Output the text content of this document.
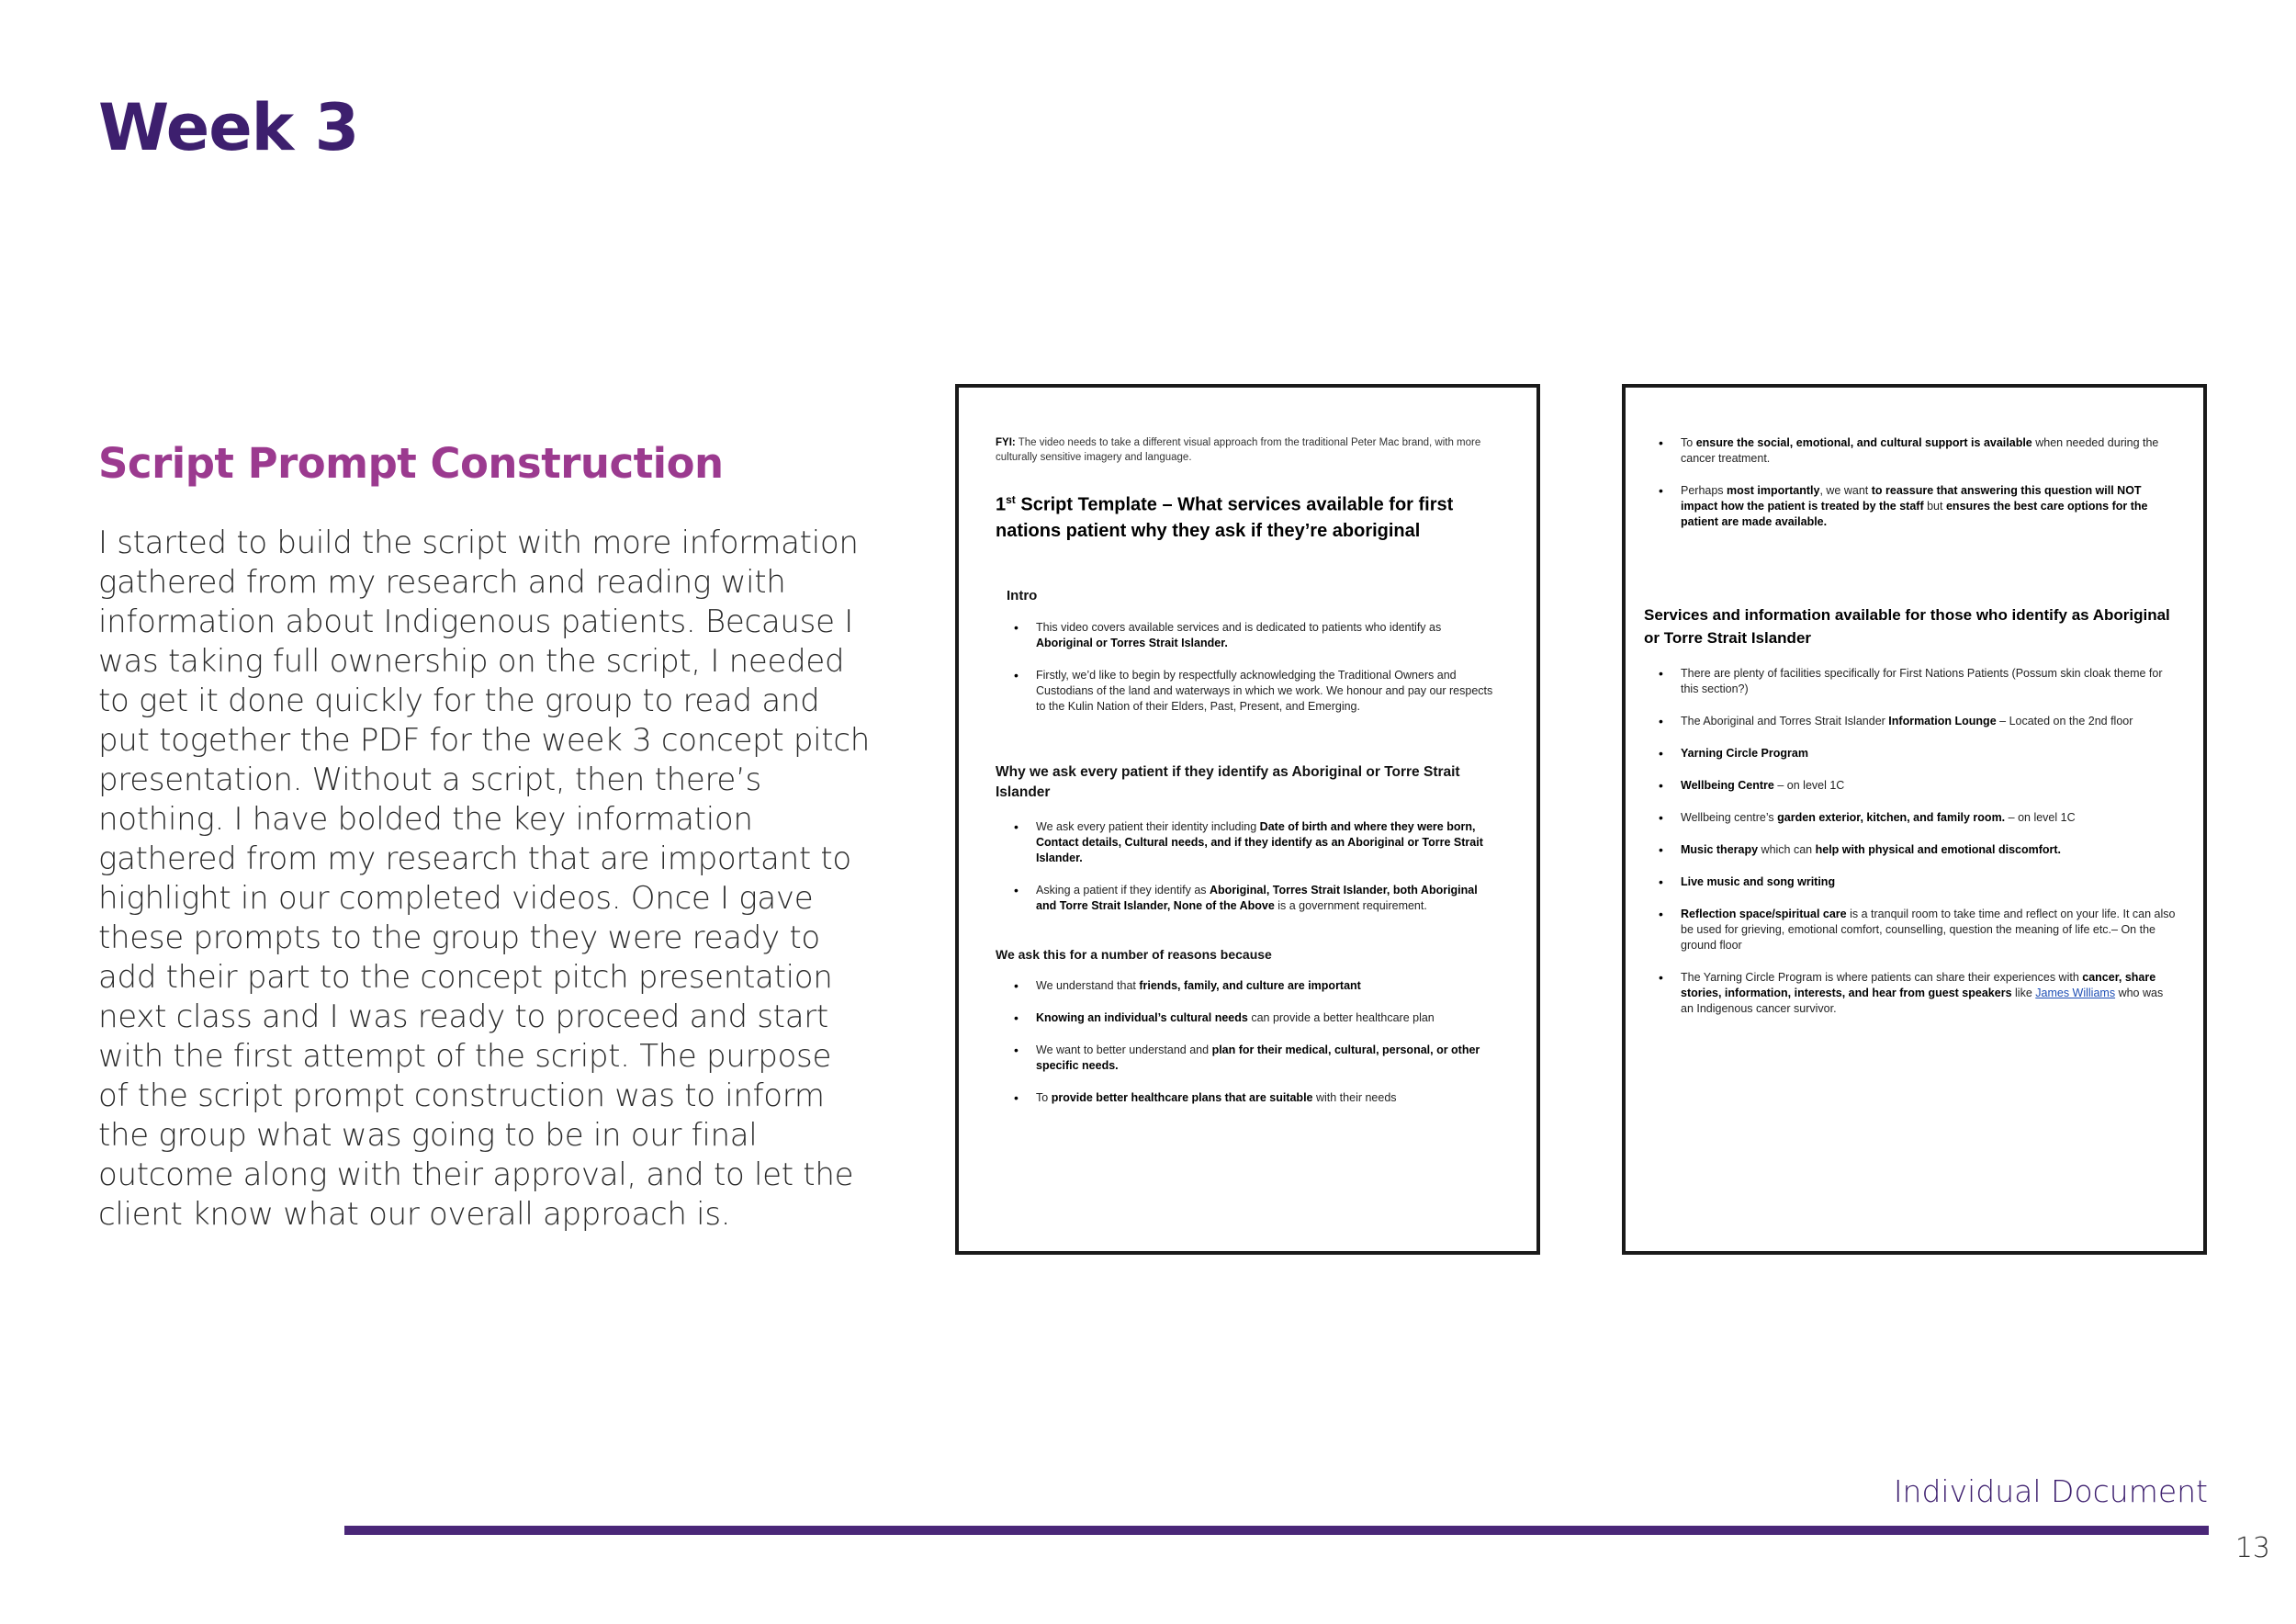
Week 3
Script Prompt Construction
I started to build the script with more information gathered from my research and reading with information about Indigenous patients. Because I was taking full ownership on the script, I needed to get it done quickly for the group to read and put together the PDF for the week 3 concept pitch presentation. Without a script, then there’s nothing. I have bolded the key information gathered from my research that are important to highlight in our completed videos. Once I gave these prompts to the group they were ready to add their part to the concept pitch presentation next class and I was ready to proceed and start with the first attempt of the script. The purpose of the script prompt construction was to inform the group what was going to be in our final outcome along with their approval, and to let the client know what our overall approach is.
FYI: The video needs to take a different visual approach from the traditional Peter Mac brand, with more culturally sensitive imagery and language.
1st Script Template – What services available for first nations patient why they ask if they’re aboriginal
Intro
• This video covers available services and is dedicated to patients who identify as Aboriginal or Torres Strait Islander.
• Firstly, we’d like to begin by respectfully acknowledging the Traditional Owners and Custodians of the land and waterways in which we work. We honour and pay our respects to the Kulin Nation of their Elders, Past, Present, and Emerging.
Why we ask every patient if they identify as Aboriginal or Torre Strait Islander
• We ask every patient their identity including Date of birth and where they were born, Contact details, Cultural needs, and if they identify as an Aboriginal or Torre Strait Islander.
• Asking a patient if they identify as Aboriginal, Torres Strait Islander, both Aboriginal and Torre Strait Islander, None of the Above is a government requirement.
We ask this for a number of reasons because
• We understand that friends, family, and culture are important
• Knowing an individual’s cultural needs can provide a better healthcare plan
• We want to better understand and plan for their medical, cultural, personal, or other specific needs.
• To provide better healthcare plans that are suitable with their needs
• To ensure the social, emotional, and cultural support is available when needed during the cancer treatment.
• Perhaps most importantly, we want to reassure that answering this question will NOT impact how the patient is treated by the staff but ensures the best care options for the patient are made available.
Services and information available for those who identify as Aboriginal or Torre Strait Islander
• There are plenty of facilities specifically for First Nations Patients (Possum skin cloak theme for this section?)
• The Aboriginal and Torres Strait Islander Information Lounge – Located on the 2nd floor
• Yarning Circle Program
• Wellbeing Centre – on level 1C
• Wellbeing centre’s garden exterior, kitchen, and family room. – on level 1C
• Music therapy which can help with physical and emotional discomfort.
• Live music and song writing
• Reflection space/spiritual care is a tranquil room to take time and reflect on your life. It can also be used for grieving, emotional comfort, counselling, question the meaning of life etc.– On the ground floor
• The Yarning Circle Program is where patients can share their experiences with cancer, share stories, information, interests, and hear from guest speakers like James Williams who was an Indigenous cancer survivor.
Individual Document
13
